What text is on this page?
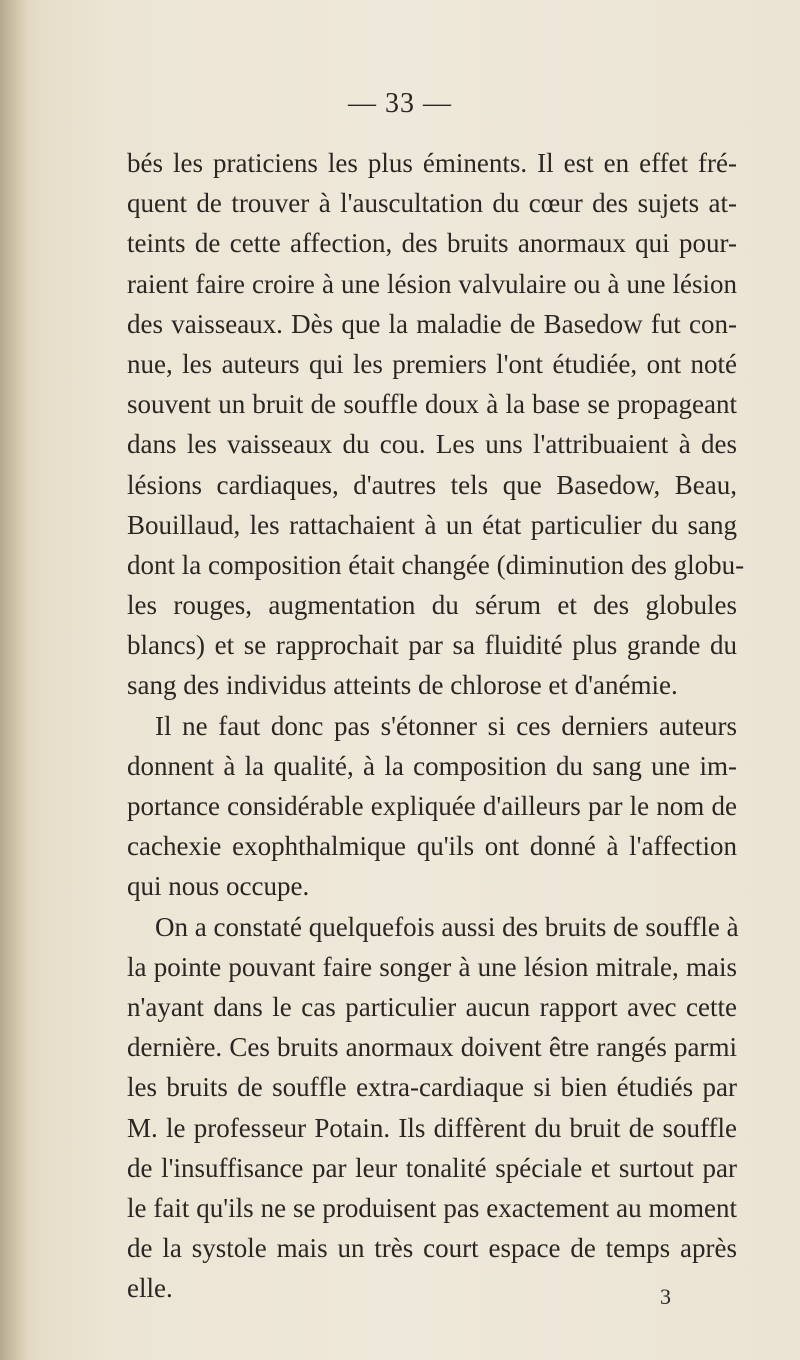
— 33 —
bés les praticiens les plus éminents. Il est en effet fré-
quent de trouver à l'auscultation du cœur des sujets at-
teints de cette affection, des bruits anormaux qui pour-
raient faire croire à une lésion valvulaire ou à une lésion
des vaisseaux. Dès que la maladie de Basedow fut con-
nue, les auteurs qui les premiers l'ont étudiée, ont noté
souvent un bruit de souffle doux à la base se propageant
dans les vaisseaux du cou. Les uns l'attribuaient à des
lésions cardiaques, d'autres tels que Basedow, Beau,
Bouillaud, les rattachaient à un état particulier du sang
dont la composition était changée (diminution des globu-
les rouges, augmentation du sérum et des globules
blancs) et se rapprochait par sa fluidité plus grande du
sang des individus atteints de chlorose et d'anémie.
Il ne faut donc pas s'étonner si ces derniers auteurs
donnent à la qualité, à la composition du sang une im-
portance considérable expliquée d'ailleurs par le nom de
cachexie exophthalmique qu'ils ont donné à l'affection
qui nous occupe.
On a constaté quelquefois aussi des bruits de souffle à
la pointe pouvant faire songer à une lésion mitrale, mais
n'ayant dans le cas particulier aucun rapport avec cette
dernière. Ces bruits anormaux doivent être rangés parmi
les bruits de souffle extra-cardiaque si bien étudiés par
M. le professeur Potain. Ils diffèrent du bruit de souffle
de l'insuffisance par leur tonalité spéciale et surtout par
le fait qu'ils ne se produisent pas exactement au moment
de la systole mais un très court espace de temps après
elle.	3
